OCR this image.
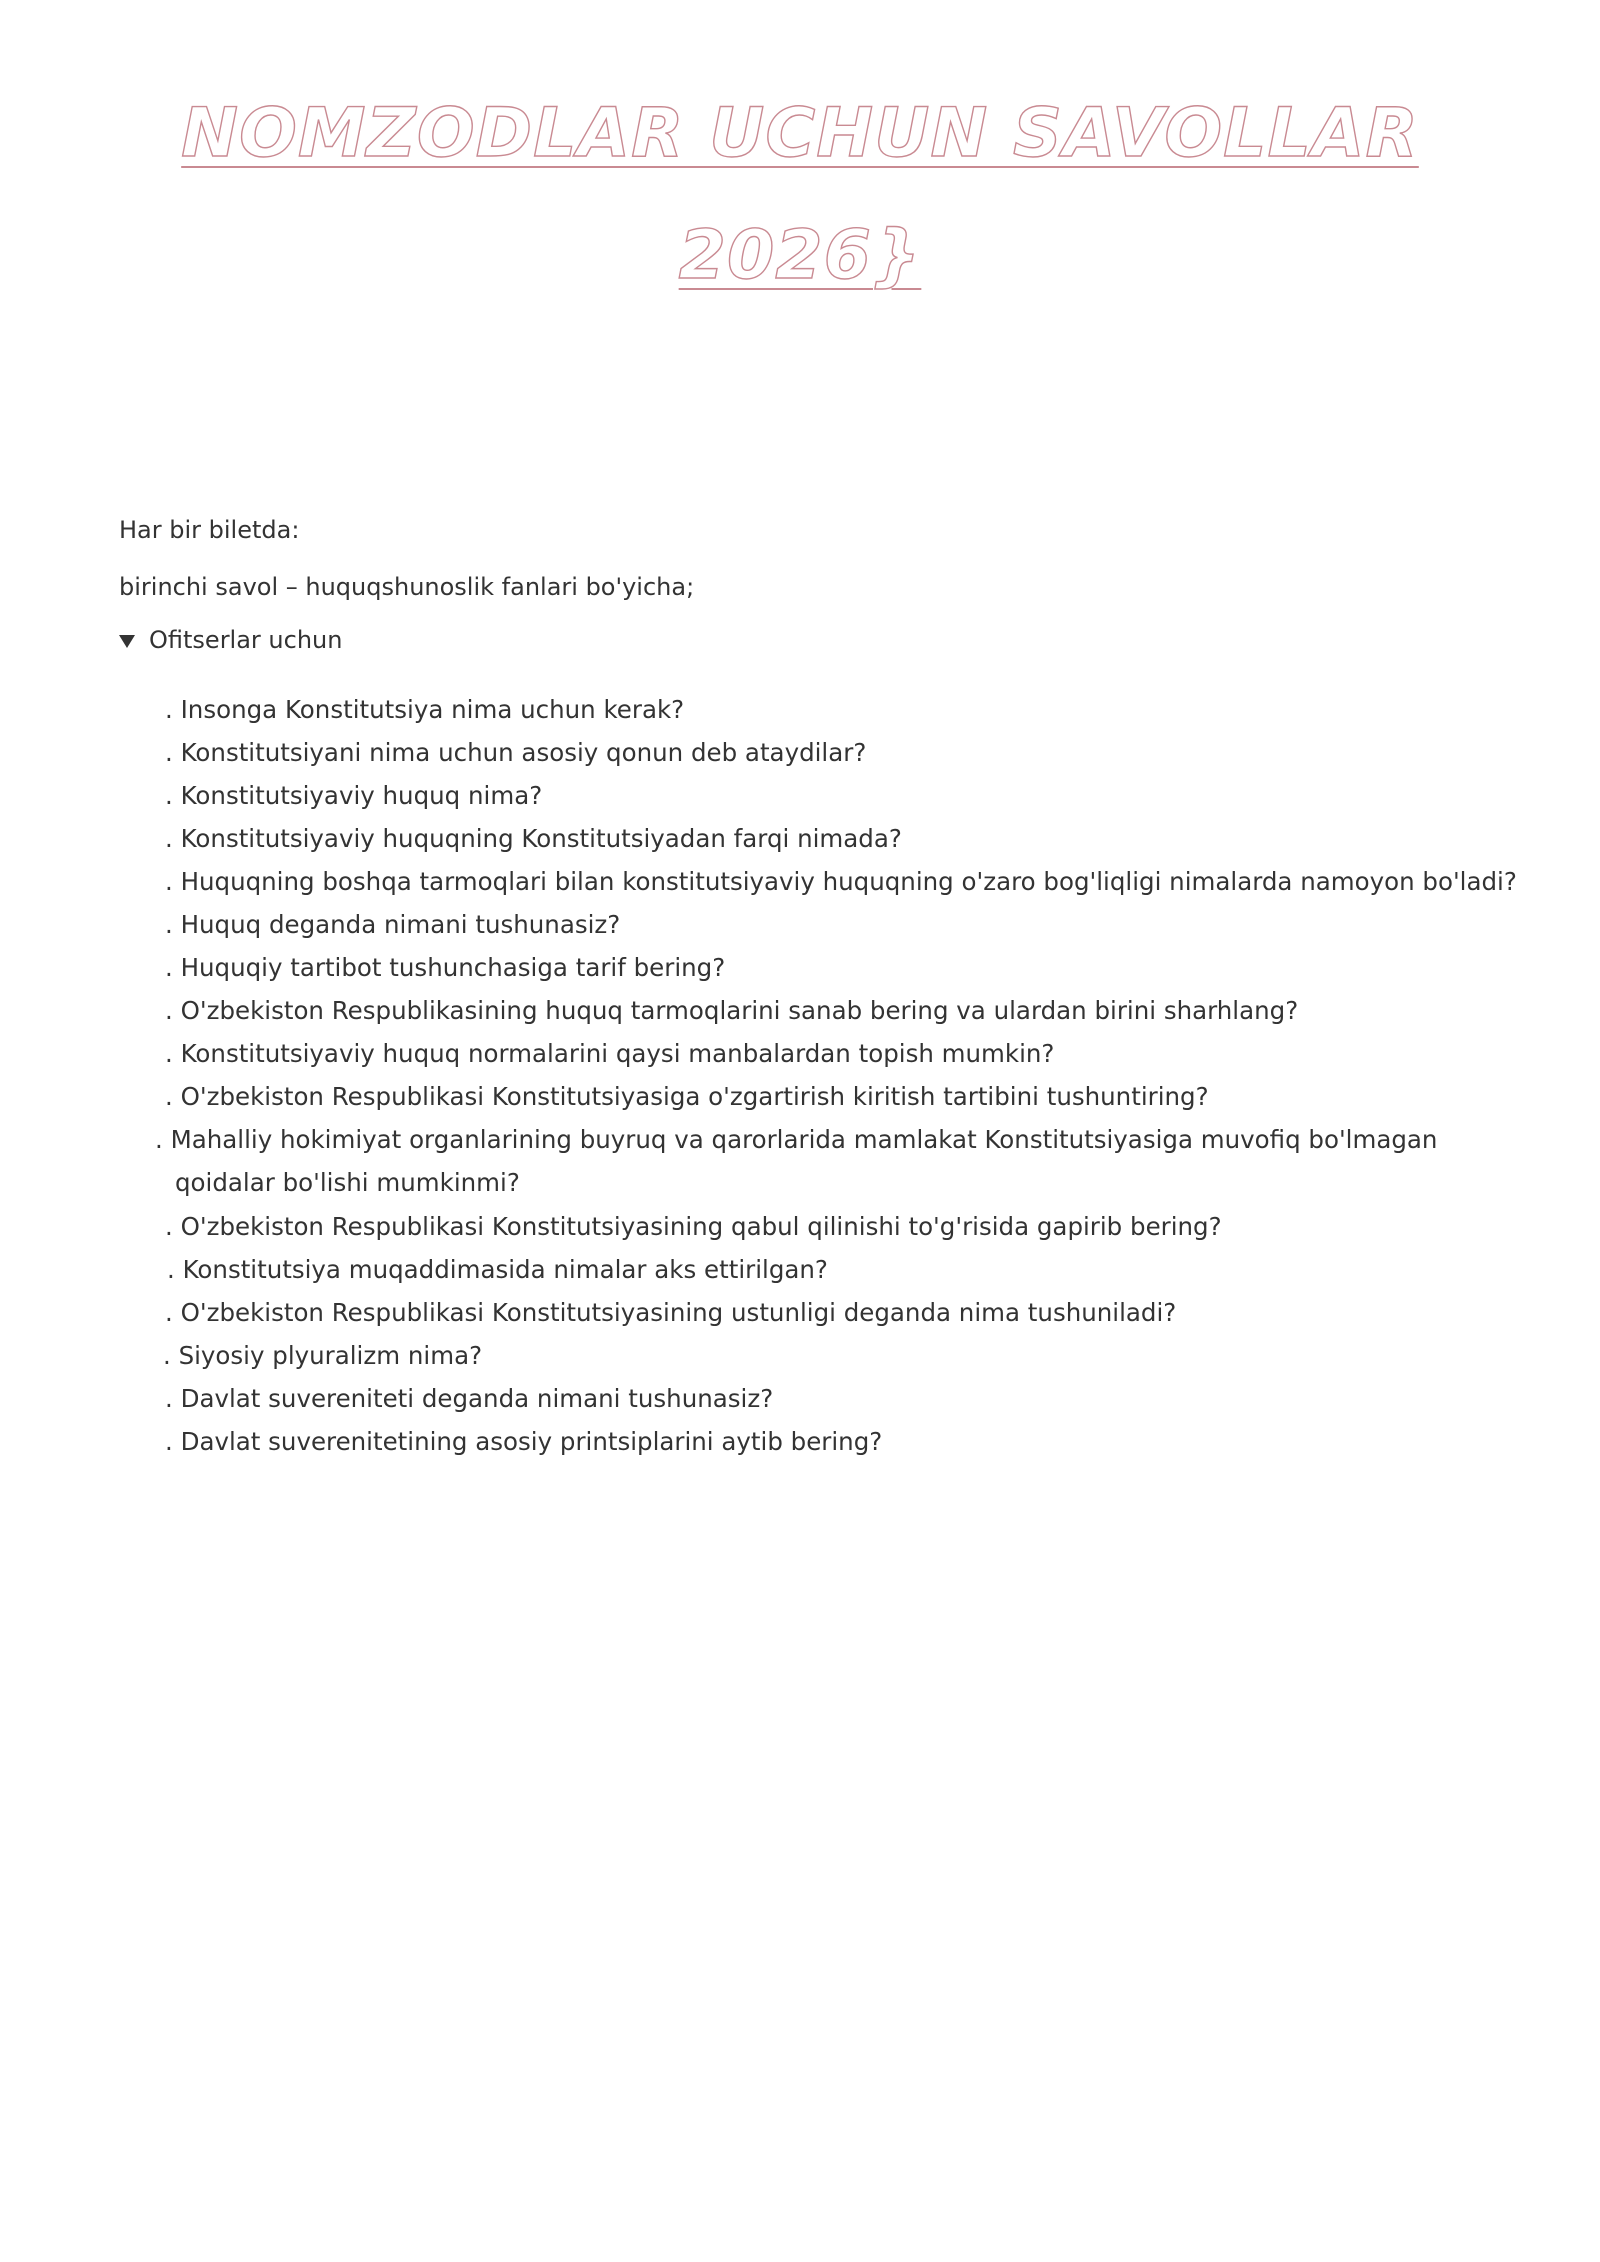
NOMZODLAR UCHUN SAVOLLAR
2026}

Har bir biletda:

birinchi savol – huquqshunoslik fanlari bo'yicha;

Ofitserlar uchun
. Insonga Konstitutsiya nima uchun kerak?
. Konstitutsiyani nima uchun asosiy qonun deb ataydilar?
. Konstitutsiyaviy huquq nima?
. Konstitutsiyaviy huquqning Konstitutsiyadan farqi nimada?
. Huquqning boshqa tarmoqlari bilan konstitutsiyaviy huquqning o'zaro bog'liqligi nimalarda namoyon bo'ladi?
. Huquq deganda nimani tushunasiz?
. Huquqiy tartibot tushunchasiga tarif bering?
. O'zbekiston Respublikasining huquq tarmoqlarini sanab bering va ulardan birini sharhlang?
. Konstitutsiyaviy huquq normalarini qaysi manbalardan topish mumkin?
. O'zbekiston Respublikasi Konstitutsiyasiga o'zgartirish kiritish tartibini tushuntiring?
. Mahalliy hokimiyat organlarining buyruq va qarorlarida mamlakat Konstitutsiyasiga muvofiq bo'lmagan
qoidalar bo'lishi mumkinmi?
. O'zbekiston Respublikasi Konstitutsiyasining qabul qilinishi to'g'risida gapirib bering?
. Konstitutsiya muqaddimasida nimalar aks ettirilgan?
. O'zbekiston Respublikasi Konstitutsiyasining ustunligi deganda nima tushuniladi?
. Siyosiy plyuralizm nima?
. Davlat suvereniteti deganda nimani tushunasiz?
. Davlat suverenitetining asosiy printsiplarini aytib bering?
